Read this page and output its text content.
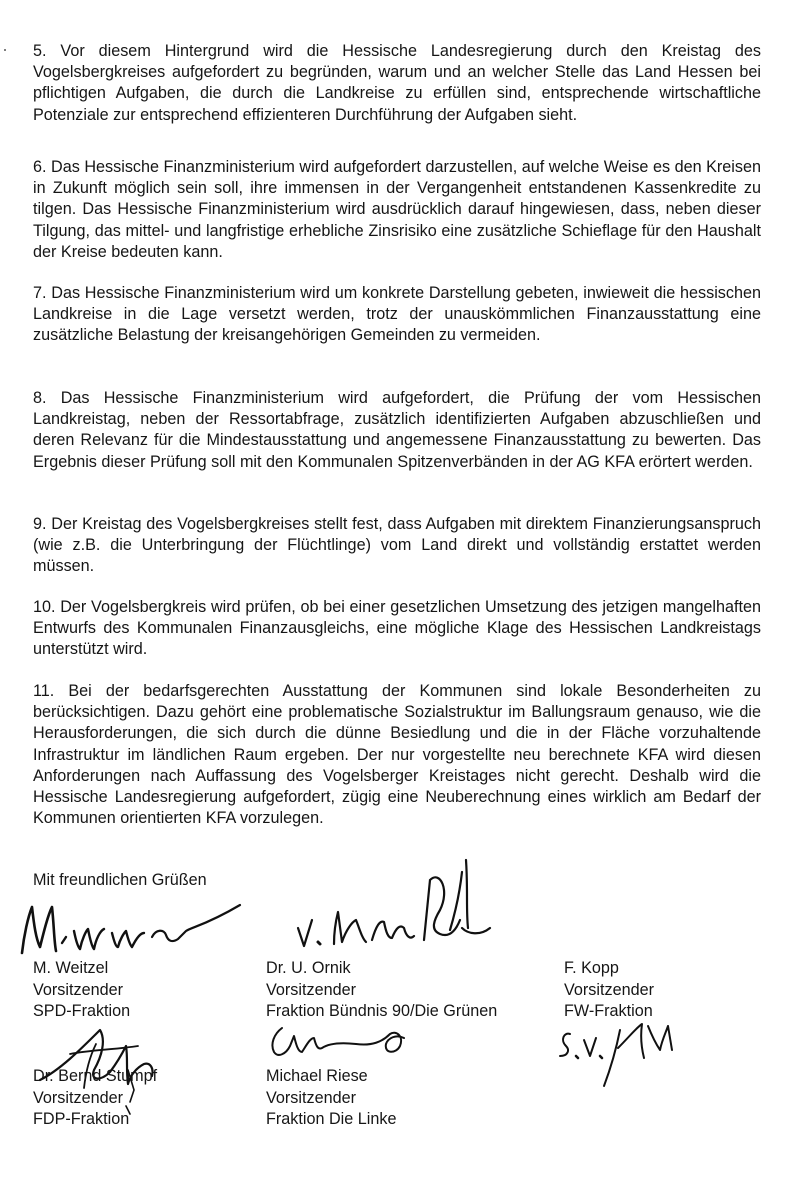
5. Vor diesem Hintergrund wird die Hessische Landesregierung durch den Kreistag des Vogelsbergkreises aufgefordert zu begründen, warum und an welcher Stelle das Land Hessen bei pflichtigen Aufgaben, die durch die Landkreise zu erfüllen sind, entsprechende wirtschaftliche Potenziale zur entsprechend effizienteren Durchführung der Aufgaben sieht.

6. Das Hessische Finanzministerium wird aufgefordert darzustellen, auf welche Weise es den Kreisen in Zukunft möglich sein soll, ihre immensen in der Vergangenheit entstandenen Kassenkredite zu tilgen. Das Hessische Finanzministerium wird ausdrücklich darauf hingewiesen, dass, neben dieser Tilgung, das mittel- und langfristige erhebliche Zinsrisiko eine zusätzliche Schieflage für den Haushalt der Kreise bedeuten kann.

7. Das Hessische Finanzministerium wird um konkrete Darstellung gebeten, inwieweit die hessischen Landkreise in die Lage versetzt werden, trotz der unauskömmlichen Finanzausstattung eine zusätzliche Belastung der kreisangehörigen Gemeinden zu vermeiden.

8. Das Hessische Finanzministerium wird aufgefordert, die Prüfung der vom Hessischen Landkreistag, neben der Ressortabfrage, zusätzlich identifizierten Aufgaben abzuschließen und deren Relevanz für die Mindestausstattung und angemessene Finanzausstattung zu bewerten. Das Ergebnis dieser Prüfung soll mit den Kommunalen Spitzenverbänden in der AG KFA erörtert werden.

9. Der Kreistag des Vogelsbergkreises stellt fest, dass Aufgaben mit direktem Finanzierungsanspruch (wie z.B. die Unterbringung der Flüchtlinge) vom Land direkt und vollständig erstattet werden müssen.

10. Der Vogelsbergkreis wird prüfen, ob bei einer gesetzlichen Umsetzung des jetzigen mangelhaften Entwurfs des Kommunalen Finanzausgleichs, eine mögliche Klage des Hessischen Landkreistags unterstützt wird.

11. Bei der bedarfsgerechten Ausstattung der Kommunen sind lokale Besonderheiten zu berücksichtigen. Dazu gehört eine problematische Sozialstruktur im Ballungsraum genauso, wie die Herausforderungen, die sich durch die dünne Besiedlung und die in der Fläche vorzuhaltende Infrastruktur im ländlichen Raum ergeben. Der nur vorgestellte neu berechnete KFA wird diesen Anforderungen nach Auffassung des Vogelsberger Kreistages nicht gerecht. Deshalb wird die Hessische Landesregierung aufgefordert, zügig eine Neuberechnung eines wirklich am Bedarf der Kommunen orientierten KFA vorzulegen.

Mit freundlichen Grüßen

M. Weitzel
Vorsitzender
SPD-Fraktion
Dr. U. Ornik
Vorsitzender
Fraktion Bündnis 90/Die Grünen
F. Kopp
Vorsitzender
FW-Fraktion
Dr. Bernd Stumpf
Vorsitzender
FDP-Fraktion
Michael Riese
Vorsitzender
Fraktion Die Linke
